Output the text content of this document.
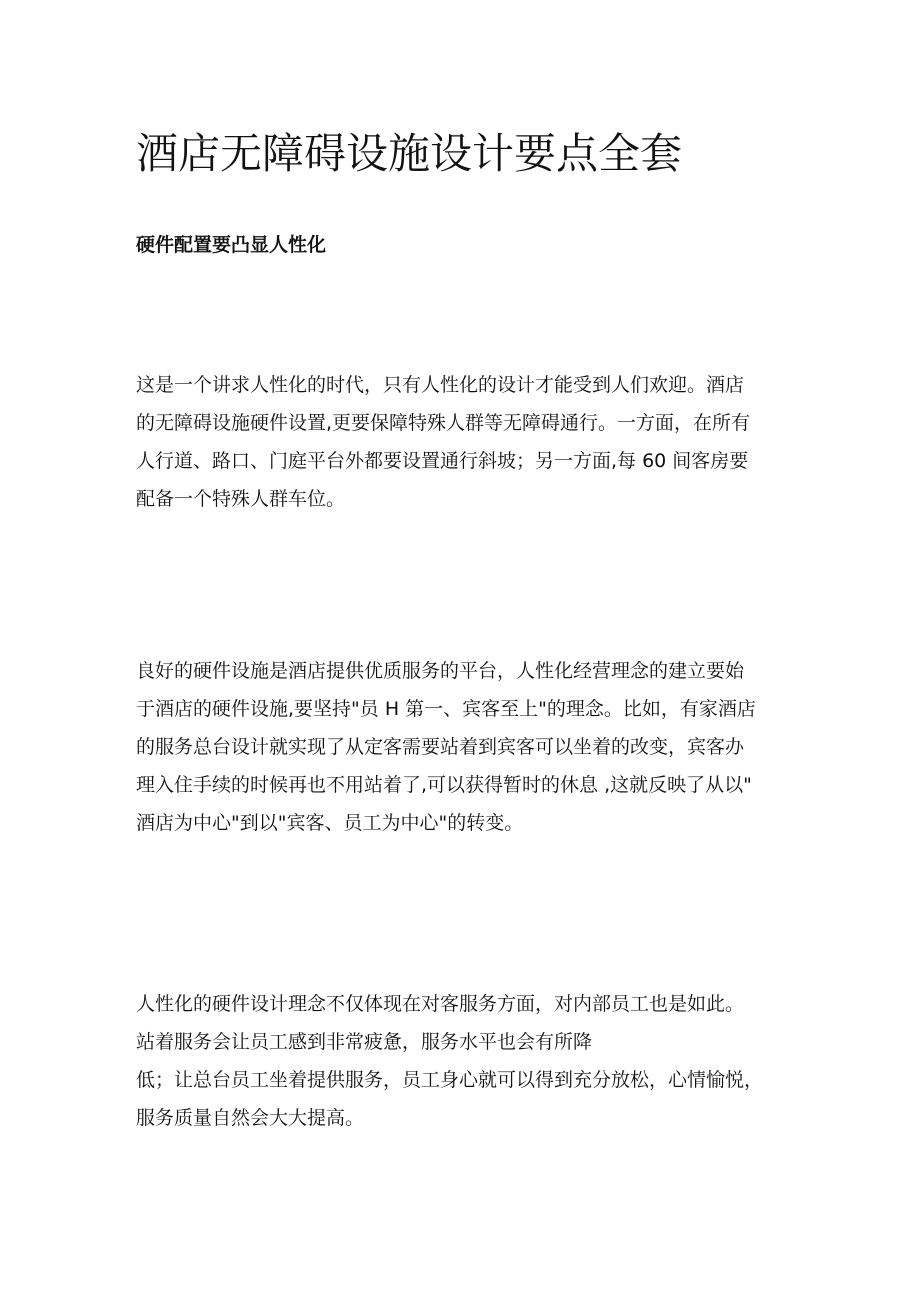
酒店无障碍设施设计要点全套
硬件配置要凸显人性化

这是一个讲求人性化的时代，只有人性化的设计才能受到人们欢迎。酒店
的无障碍设施硬件设置,更要保障特殊人群等无障碍通行。一方面，在所有
人行道、路口、门庭平台外都要设置通行斜坡；另一方面,每 60 间客房要
配备一个特殊人群车位。

良好的硬件设施是酒店提供优质服务的平台，人性化经营理念的建立要始
于酒店的硬件设施,要坚持"员 H 第一、宾客至上"的理念。比如，有家酒店
的服务总台设计就实现了从定客需要站着到宾客可以坐着的改变，宾客办
理入住手续的时候再也不用站着了,可以获得暂时的休息 ,这就反映了从以"
酒店为中心"到以"宾客、员工为中心"的转变。

人性化的硬件设计理念不仅体现在对客服务方面，对内部员工也是如此。
站着服务会让员工感到非常疲惫，服务水平也会有所降
低；让总台员工坐着提供服务，员工身心就可以得到充分放松，心情愉悦，
服务质量自然会大大提高。
